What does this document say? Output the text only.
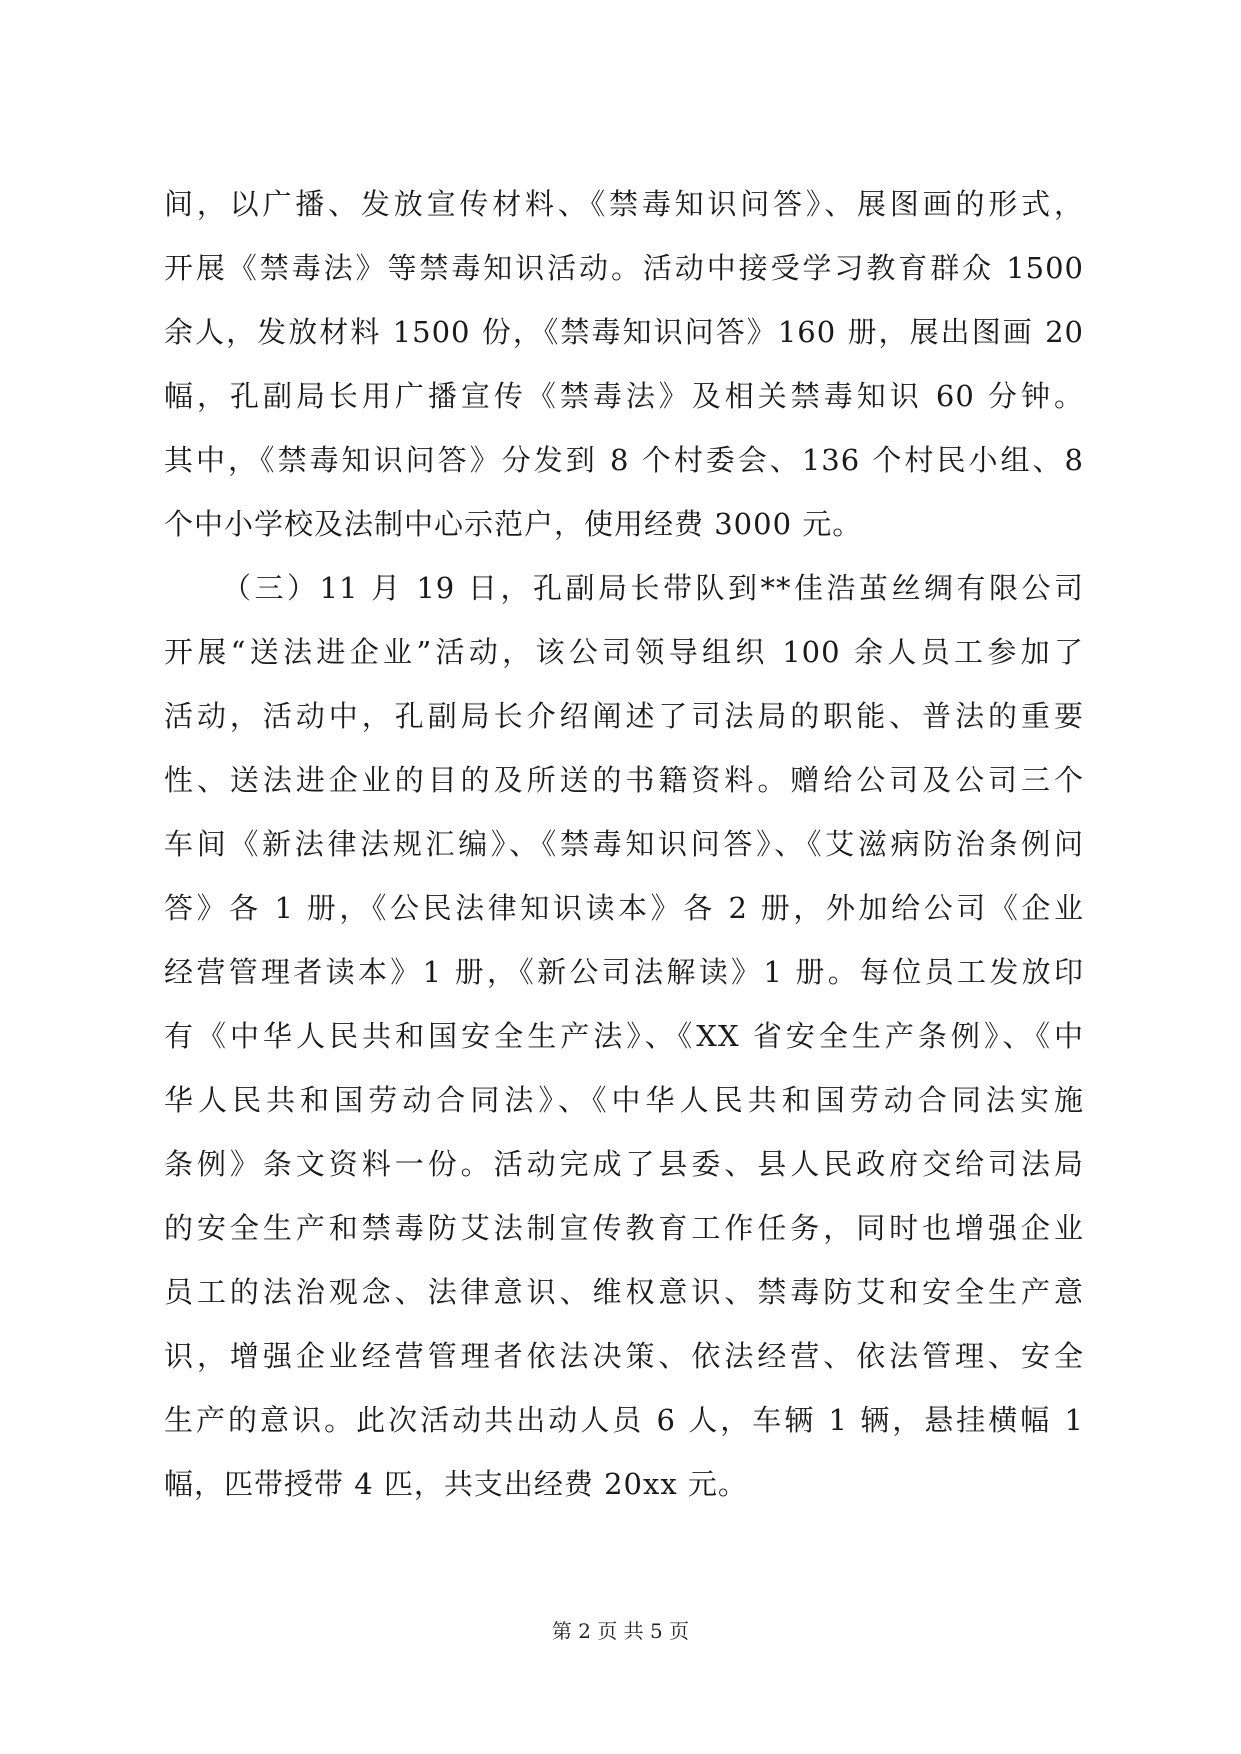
间，以广播、发放宣传材料、《禁毒知识问答》、展图画的形式，
开展《禁毒法》等禁毒知识活动。活动中接受学习教育群众 1500
余人，发放材料 1500 份，《禁毒知识问答》160 册，展出图画 20
幅，孔副局长用广播宣传《禁毒法》及相关禁毒知识 60 分钟。
其中，《禁毒知识问答》分发到 8 个村委会、136 个村民小组、8
个中小学校及法制中心示范户，使用经费 3000 元。
（三）11 月 19 日，孔副局长带队到**佳浩茧丝绸有限公司
开展“送法进企业”活动，该公司领导组织 100 余人员工参加了
活动，活动中，孔副局长介绍阐述了司法局的职能、普法的重要
性、送法进企业的目的及所送的书籍资料。赠给公司及公司三个
车间《新法律法规汇编》、《禁毒知识问答》、《艾滋病防治条例问
答》各 1 册，《公民法律知识读本》各 2 册，外加给公司《企业
经营管理者读本》1 册，《新公司法解读》1 册。每位员工发放印
有《中华人民共和国安全生产法》、《XX 省安全生产条例》、《中
华人民共和国劳动合同法》、《中华人民共和国劳动合同法实施
条例》条文资料一份。活动完成了县委、县人民政府交给司法局
的安全生产和禁毒防艾法制宣传教育工作任务，同时也增强企业
员工的法治观念、法律意识、维权意识、禁毒防艾和安全生产意
识，增强企业经营管理者依法决策、依法经营、依法管理、安全
生产的意识。此次活动共出动人员 6 人，车辆 1 辆，悬挂横幅 1
幅，匹带授带 4 匹，共支出经费 20xx 元。
第 2 页 共 5 页
